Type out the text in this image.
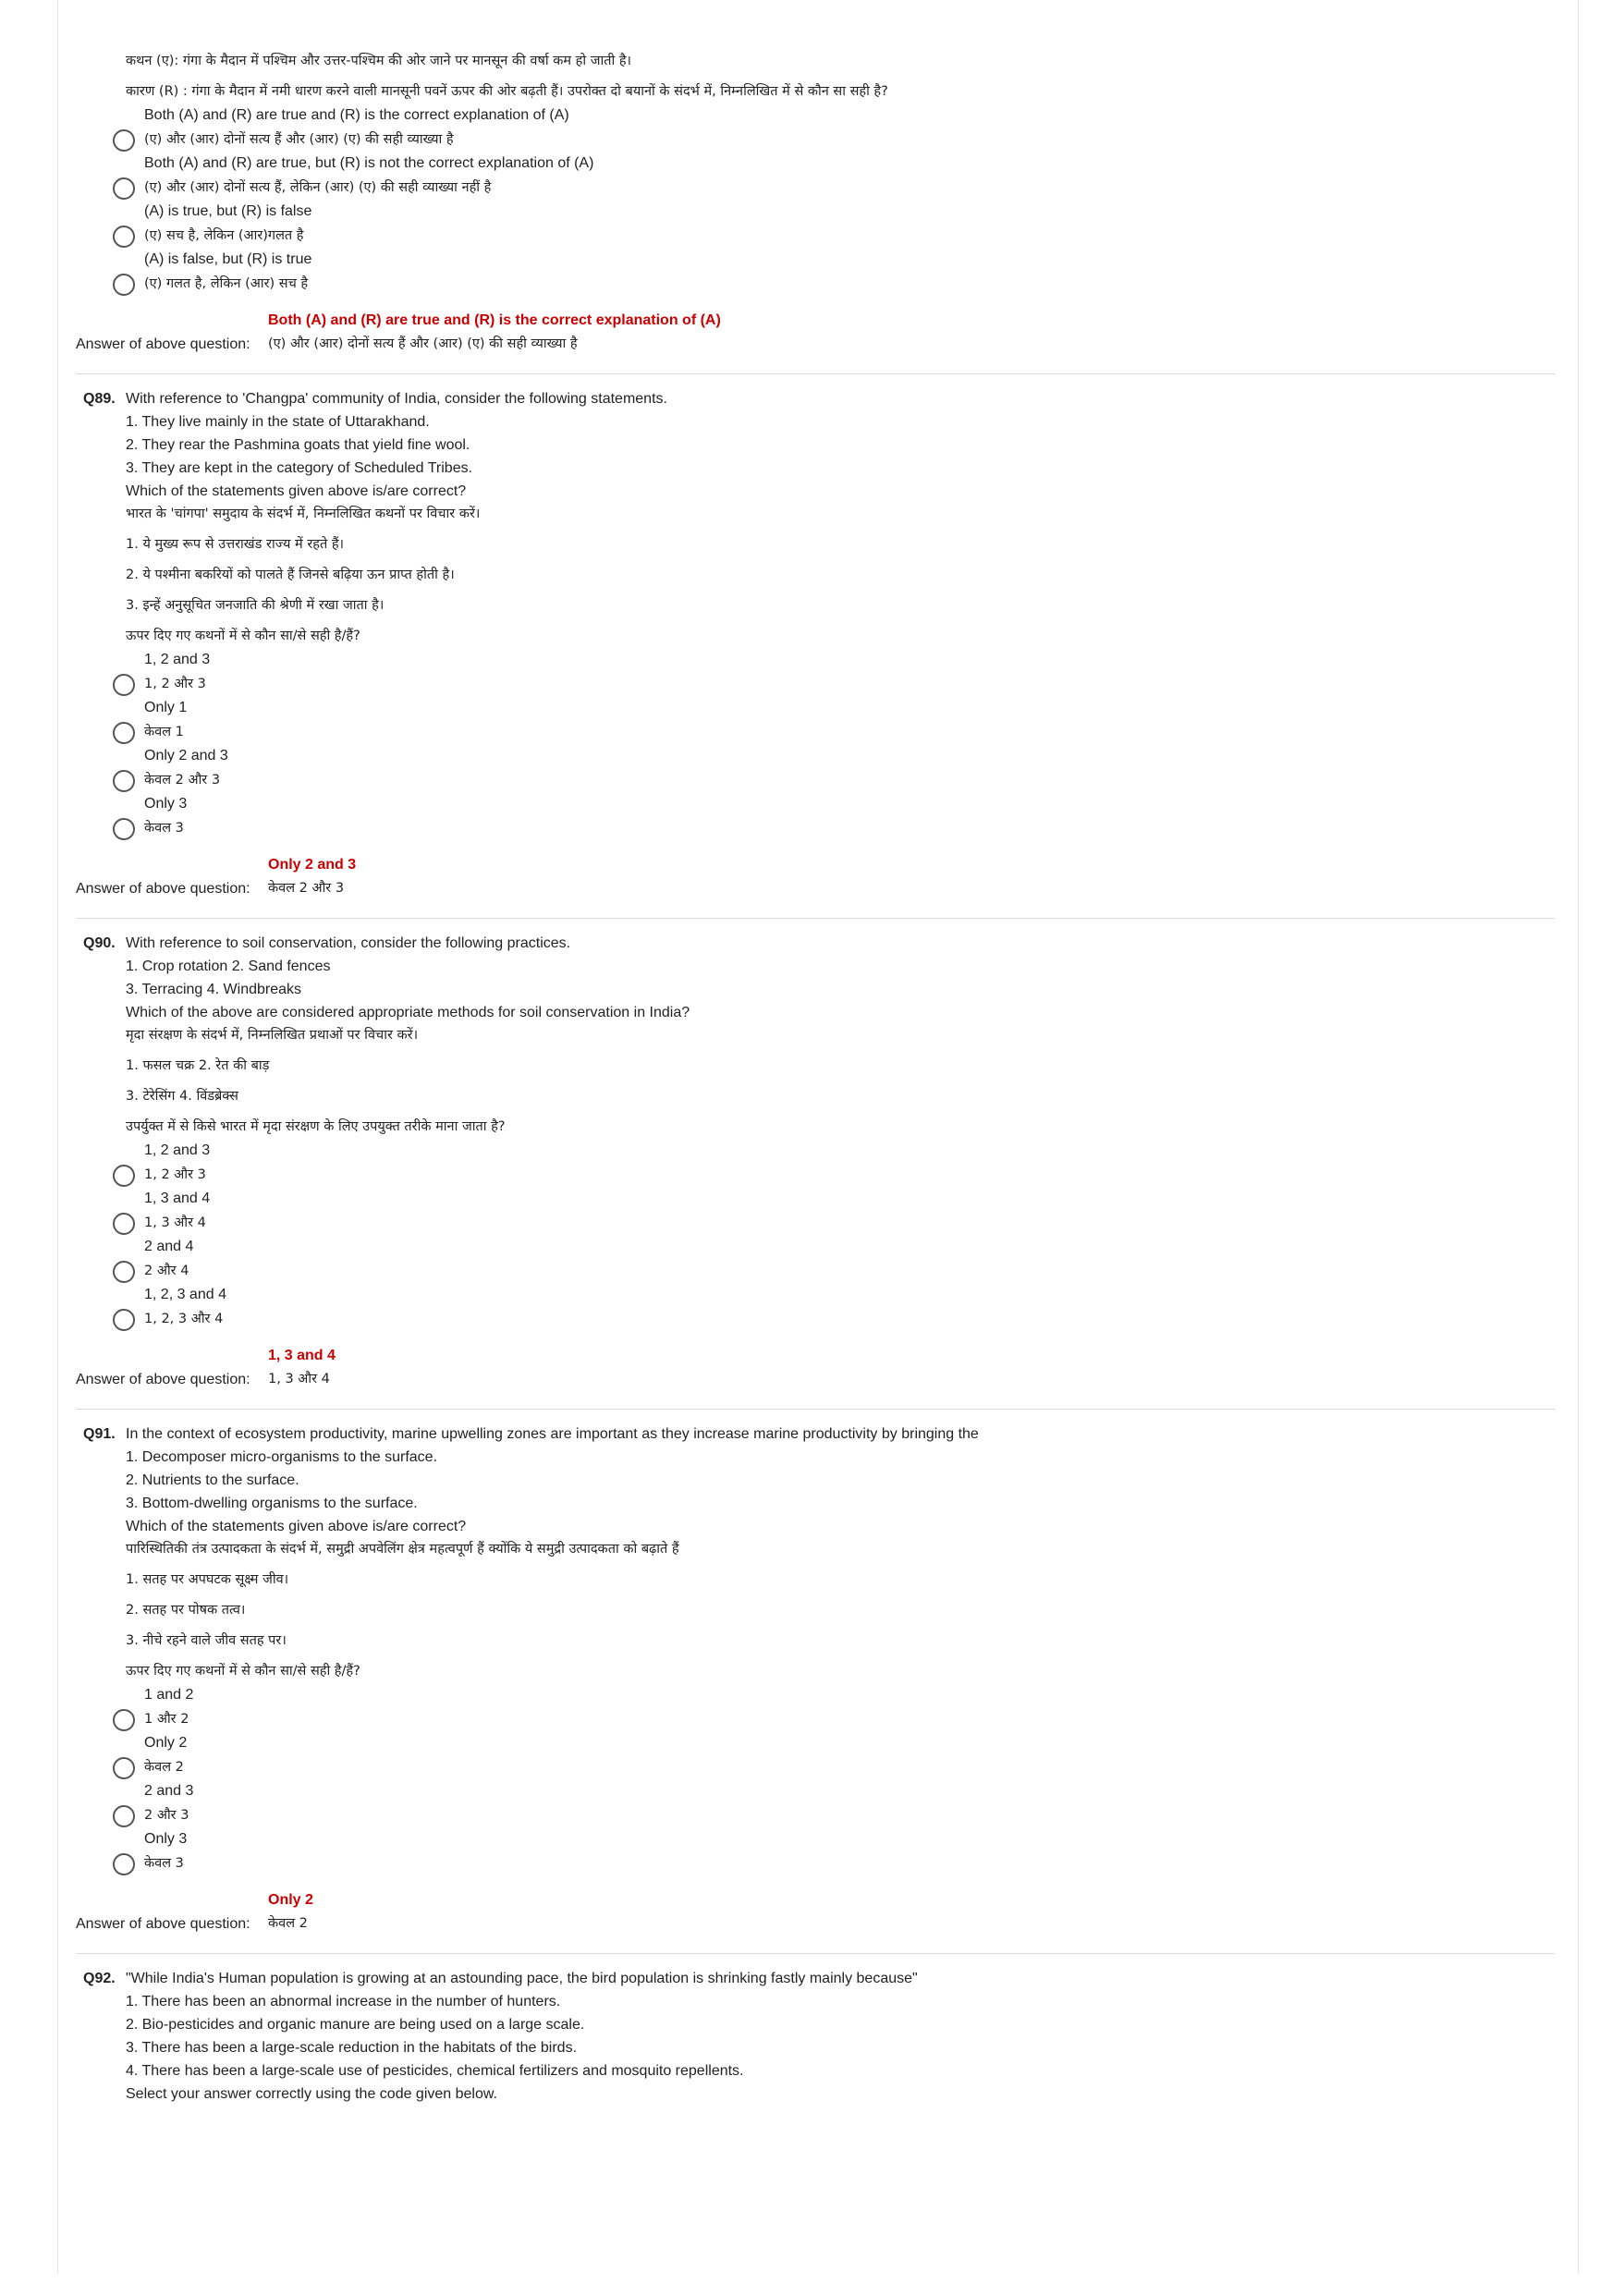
कथन (ए): गंगा के मैदान में पश्चिम और उत्तर-पश्चिम की ओर जाने पर मानसून की वर्षा कम हो जाती है।
कारण (R) : गंगा के मैदान में नमी धारण करने वाली मानसूनी पवनें ऊपर की ओर बढ़ती हैं। उपरोक्त दो बयानों के संदर्भ में, निम्नलिखित में से कौन सा सही है?
Both (A) and (R) are true and (R) is the correct explanation of (A)
(ए) और (आर) दोनों सत्य हैं और (आर) (ए) की सही व्याख्या है
Both (A) and (R) are true, but (R) is not the correct explanation of (A)
(ए) और (आर) दोनों सत्य हैं, लेकिन (आर) (ए) की सही व्याख्या नहीं है
(A) is true, but (R) is false
(ए) सच है, लेकिन (आर)गलत है
(A) is false, but (R) is true
(ए) गलत है, लेकिन (आर) सच है
Both (A) and (R) are true and (R) is the correct explanation of (A)
Answer of above question:	(ए) और (आर) दोनों सत्य हैं और (आर) (ए) की सही व्याख्या है
Q89. With reference to 'Changpa' community of India, consider the following statements.
1. They live mainly in the state of Uttarakhand.
2. They rear the Pashmina goats that yield fine wool.
3. They are kept in the category of Scheduled Tribes.
Which of the statements given above is/are correct?
भारत के 'चांगपा' समुदाय के संदर्भ में, निम्नलिखित कथनों पर विचार करें।
1. ये मुख्य रूप से उत्तराखंड राज्य में रहते हैं।
2. ये पश्मीना बकरियों को पालते हैं जिनसे बढ़िया ऊन प्राप्त होती है।
3. इन्हें अनुसूचित जनजाति की श्रेणी में रखा जाता है।
ऊपर दिए गए कथनों में से कौन सा/से सही है/हैं?
1, 2 and 3
1, 2 और 3
Only 1
केवल 1
Only 2 and 3
केवल 2 और 3
Only 3
केवल 3
Only 2 and 3
Answer of above question:	केवल 2 और 3
Q90. With reference to soil conservation, consider the following practices.
1. Crop rotation 2. Sand fences
3. Terracing 4. Windbreaks
Which of the above are considered appropriate methods for soil conservation in India?
मृदा संरक्षण के संदर्भ में, निम्नलिखित प्रथाओं पर विचार करें।
1. फसल चक्र 2. रेत की बाड़
3. टेरेसिंग 4. विंडब्रेक्स
उपर्युक्त में से किसे भारत में मृदा संरक्षण के लिए उपयुक्त तरीके माना जाता है?
1, 2 and 3
1, 2 और 3
1, 3 and 4
1, 3 और 4
2 and 4
2 और 4
1, 2, 3 and 4
1, 2, 3 और 4
1, 3 and 4
Answer of above question:	1, 3 और 4
Q91. In the context of ecosystem productivity, marine upwelling zones are important as they increase marine productivity by bringing the
1. Decomposer micro-organisms to the surface.
2. Nutrients to the surface.
3. Bottom-dwelling organisms to the surface.
Which of the statements given above is/are correct?
पारिस्थितिकी तंत्र उत्पादकता के संदर्भ में, समुद्री अपवेलिंग क्षेत्र महत्वपूर्ण हैं क्योंकि ये समुद्री उत्पादकता को बढ़ाते हैं
1. सतह पर अपघटक सूक्ष्म जीव।
2. सतह पर पोषक तत्व।
3. नीचे रहने वाले जीव सतह पर।
ऊपर दिए गए कथनों में से कौन सा/से सही है/हैं?
1 and 2
1 और 2
Only 2
केवल 2
2 and 3
2 और 3
Only 3
केवल 3
Only 2
Answer of above question:	केवल 2
Q92. "While India's Human population is growing at an astounding pace, the bird population is shrinking fastly mainly because"
1. There has been an abnormal increase in the number of hunters.
2. Bio-pesticides and organic manure are being used on a large scale.
3. There has been a large-scale reduction in the habitats of the birds.
4. There has been a large-scale use of pesticides, chemical fertilizers and mosquito repellents.
Select your answer correctly using the code given below.
